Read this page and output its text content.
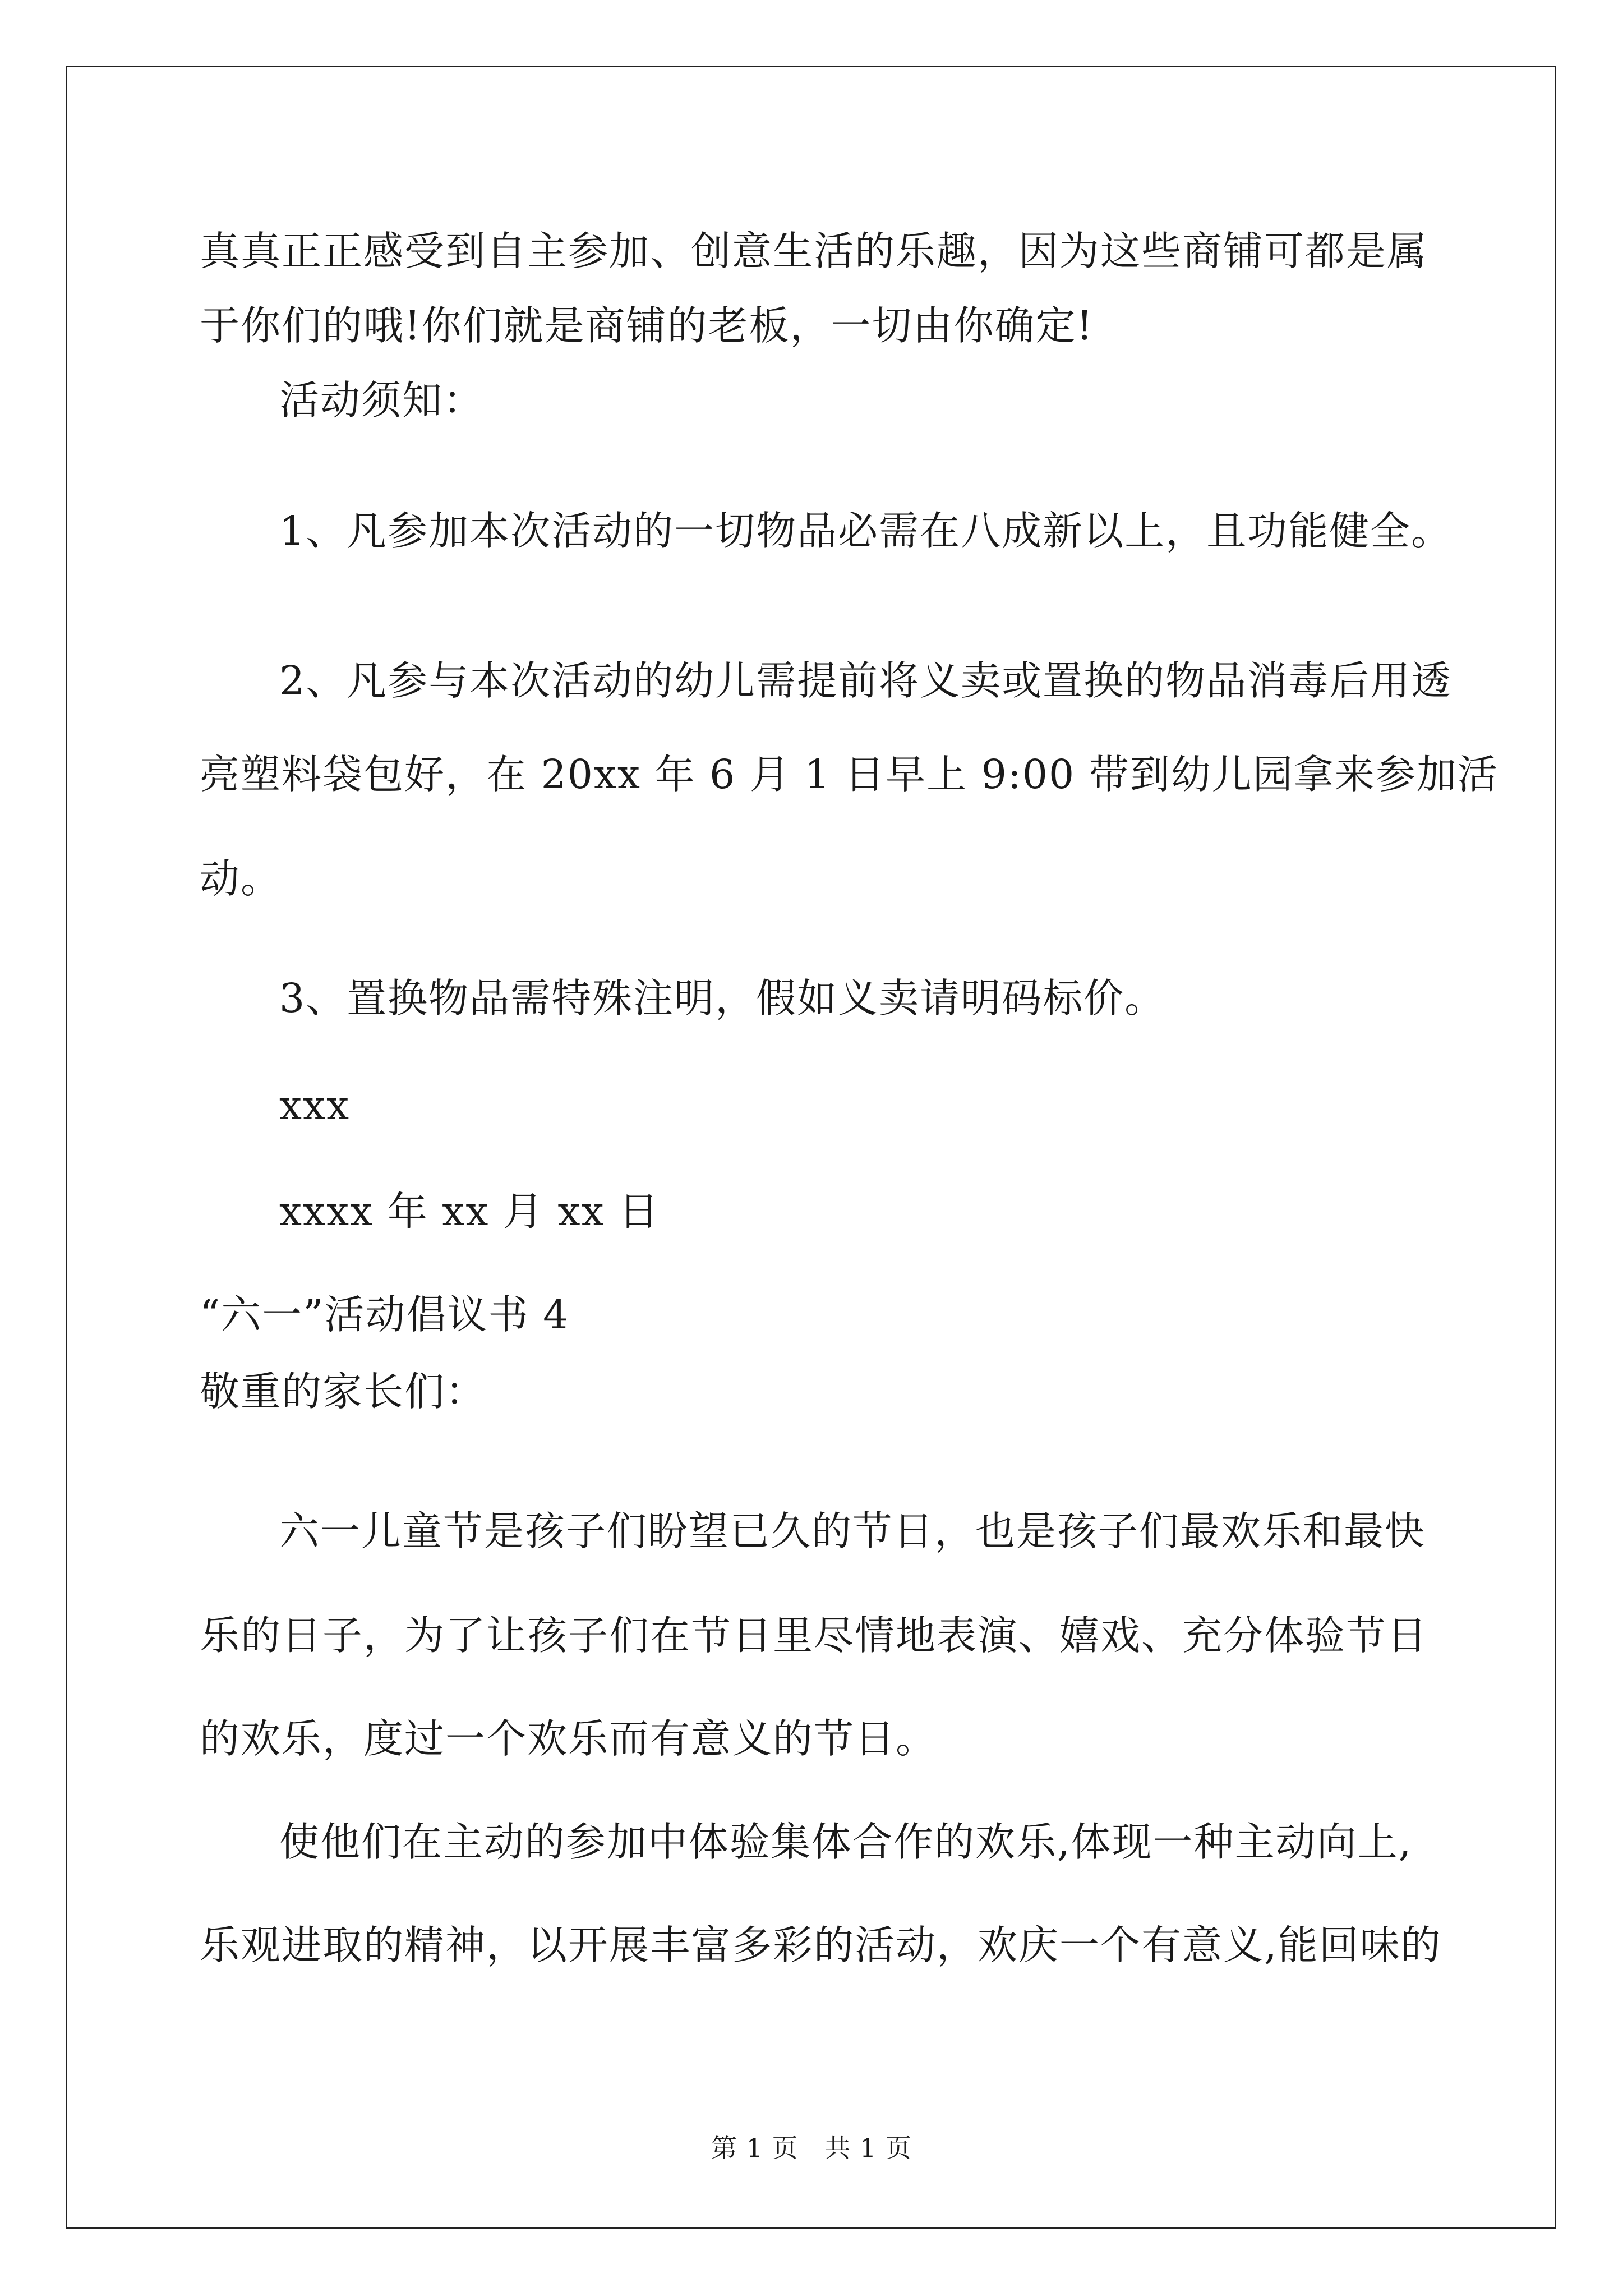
真真正正感受到自主参加、创意生活的乐趣，因为这些商铺可都是属
于你们的哦!你们就是商铺的老板，一切由你确定!
活动须知：
1、凡参加本次活动的一切物品必需在八成新以上，且功能健全。
2、凡参与本次活动的幼儿需提前将义卖或置换的物品消毒后用透
亮塑料袋包好，在 20xx 年 6 月 1 日早上 9:00 带到幼儿园拿来参加活
动。
3、置换物品需特殊注明，假如义卖请明码标价。
xxx
xxxx 年 xx 月 xx 日
“六一”活动倡议书 4
敬重的家长们：
六一儿童节是孩子们盼望已久的节日，也是孩子们最欢乐和最快
乐的日子，为了让孩子们在节日里尽情地表演、嬉戏、充分体验节日
的欢乐，度过一个欢乐而有意义的节日。
使他们在主动的参加中体验集体合作的欢乐,体现一种主动向上,
乐观进取的精神，以开展丰富多彩的活动，欢庆一个有意义,能回味的
第 1 页   共 1 页
